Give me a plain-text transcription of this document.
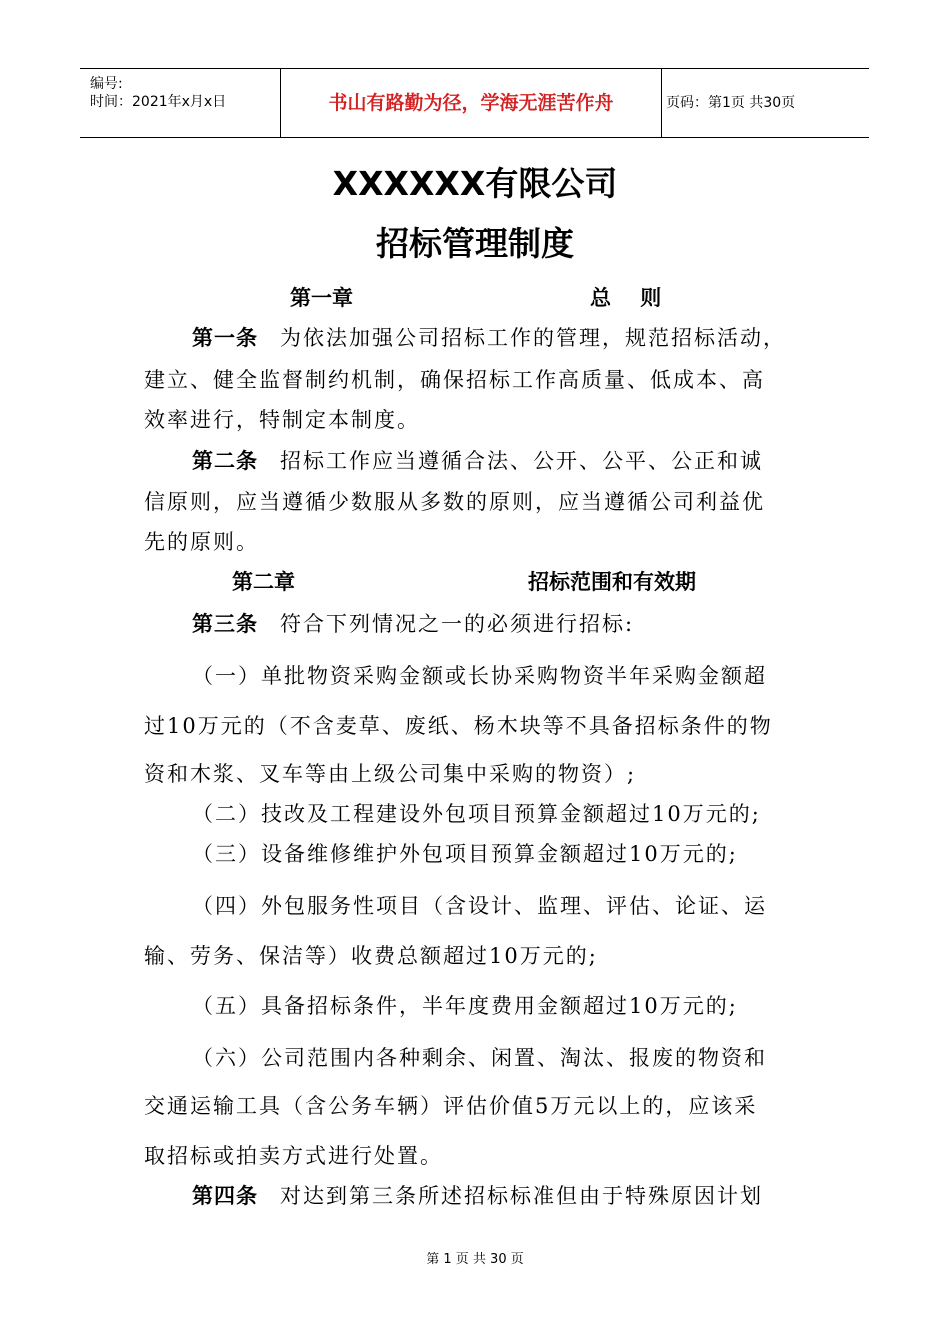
编号:
时间：2021年x月x日	书山有路勤为径，学海无涯苦作舟	页码：第1页 共30页
XXXXXX有限公司
招标管理制度
第一章	总    则
第一条 为依法加强公司招标工作的管理，规范招标活动，
建立、健全监督制约机制，确保招标工作高质量、低成本、高
效率进行，特制定本制度。
第二条 招标工作应当遵循合法、公开、公平、公正和诚
信原则，应当遵循少数服从多数的原则，应当遵循公司利益优
先的原则。
第二章	招标范围和有效期
第三条 符合下列情况之一的必须进行招标:
（一）单批物资采购金额或长协采购物资半年采购金额超
过10万元的（不含麦草、废纸、杨木块等不具备招标条件的物
资和木浆、叉车等由上级公司集中采购的物资）;
（二）技改及工程建设外包项目预算金额超过10万元的;
（三）设备维修维护外包项目预算金额超过10万元的;
（四）外包服务性项目（含设计、监理、评估、论证、运
输、劳务、保洁等）收费总额超过10万元的;
（五）具备招标条件，半年度费用金额超过10万元的;
（六）公司范围内各种剩余、闲置、淘汰、报废的物资和
交通运输工具（含公务车辆）评估价值5万元以上的，应该采
取招标或拍卖方式进行处置。
第四条 对达到第三条所述招标标准但由于特殊原因计划
第 1 页 共 30 页
